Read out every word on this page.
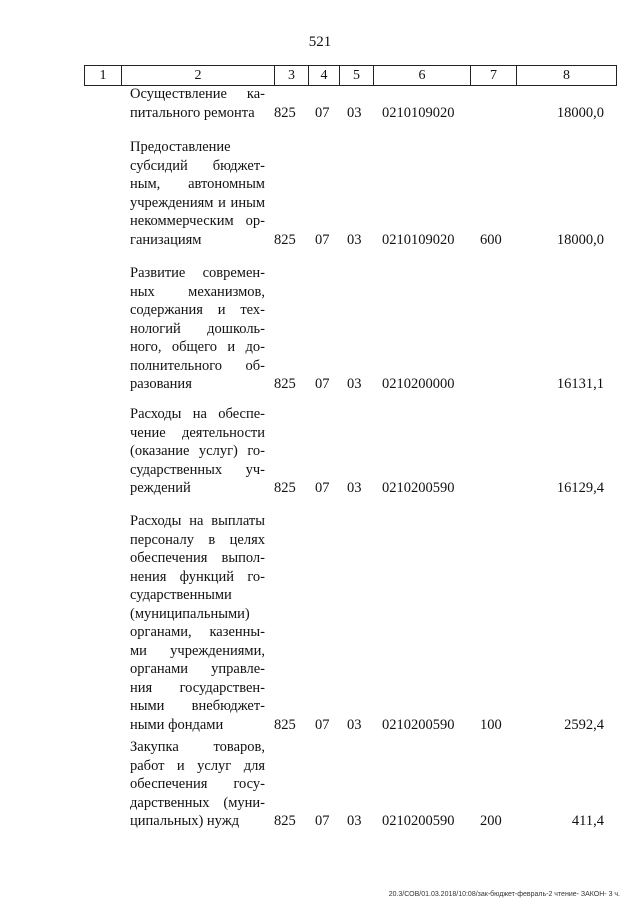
521
1	2	3	4	5	6	7	8
Осуществление ка-
питального ремонта	825 07 03 0210109020	18000,0
Предоставление
субсидий бюджет-
ным, автономным
учреждениям и иным
некоммерческим ор-
ганизациям	825 07 03 0210109020 600	18000,0
Развитие современ-
ных механизмов,
содержания и тех-
нологий дошколь-
ного, общего и до-
полнительного об-
разования	825 07 03 0210200000	16131,1
Расходы на обеспе-
чение деятельности
(оказание услуг) го-
сударственных уч-
реждений	825 07 03 0210200590	16129,4
Расходы на выплаты
персоналу в целях
обеспечения выпол-
нения функций го-
сударственными
(муниципальными)
органами, казенны-
ми учреждениями,
органами управле-
ния государствен-
ными внебюджет-
ными фондами	825 07 03 0210200590 100	2592,4
Закупка товаров,
работ и услуг для
обеспечения госу-
дарственных (муни-
ципальных) нужд	825 07 03 0210200590 200	411,4
20.3/СОВ/01.03.2018/10:08/зак-бюджет-февраль-2 чтение- ЗАКОН- 3 ч.
